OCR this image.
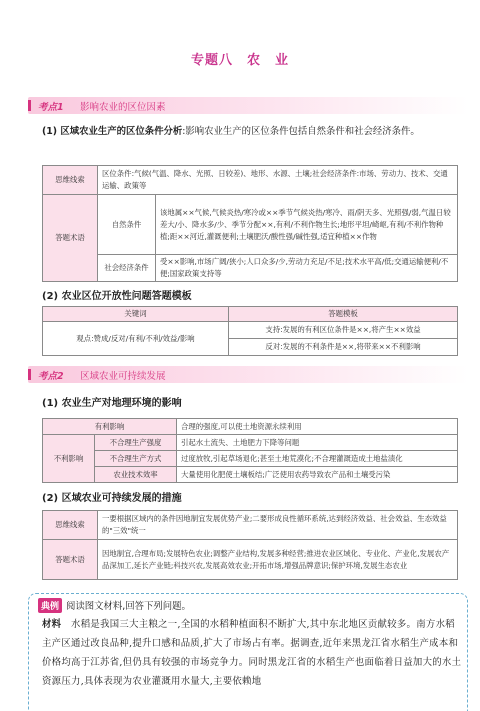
专题八　农　业
考点1 影响农业的区位因素
(1) 区域农业生产的区位条件分析:影响农业生产的区位条件包括自然条件和社会经济条件。
思维线索	区位条件:气候(气温、降水、光照、日较差)、地形、水源、土壤;社会经济条件:市场、劳动力、技术、交通运输、政策等	
答题术语	自然条件	该地属××气候,气候炎热/寒冷或××季节气候炎热/寒冷、雨/阴天多、光照强/弱,气温日较差大/小、降水多/少、季节分配××,有利/不利作物生长;地形平坦/崎岖,有利/不利作物种植;距××河近,灌溉便利;土壤肥沃/酸性强/碱性强,适宜种植××作物
	社会经济条件	受××影响,市场广阔/狭小;人口众多/少,劳动力充足/不足;技术水平高/低;交通运输便利/不便;国家政策支持等
(2) 农业区位开放性问题答题模板
关键词	答题模板
观点:赞成/反对/有利/不利/效益/影响	支持:发展的有利区位条件是××,将产生××效益
	反对:发展的不利条件是××,将带来××不利影响
考点2 区域农业可持续发展
(1) 农业生产对地理环境的影响
有利影响		合理的强度,可以使土地资源永续利用
不利影响	不合理生产强度	引起水土流失、土地肥力下降等问题
	不合理生产方式	过度放牧,引起草场退化;甚至土地荒漠化;不合理灌溉造成土地盐渍化
	农业技术效率	大量使用化肥使土壤板结;广泛使用农药导致农产品和土壤受污染
(2) 区域农业可持续发展的措施
思维线索	一要根据区域内的条件因地制宜发展优势产业;二要形成良性循环系统,达到经济效益、社会效益、生态效益的"三效"统一
答题术语	因地制宜,合理布局;发展特色农业;调整产业结构,发展多种经营;推进农业区域化、专业化、产业化,发展农产品深加工,延长产业链;科技兴农,发展高效农业;开拓市场,增强品牌意识;保护环境,发展生态农业
典例 阅读图文材料,回答下列问题。
材料　 水稻是我国三大主粮之一,全国的水稻种植面积不断扩大,其中东北地区贡献较多。南方水稻主产区通过改良品种,提升口感和品质,扩大了市场占有率。据调查,近年来黑龙江省水稻生产成本和价格均高于江苏省,但仍具有较强的市场竞争力。同时黑龙江省的水稻生产也面临着日益加大的水土资源压力,具体表现为农业灌溉用水量大,主要依赖地
